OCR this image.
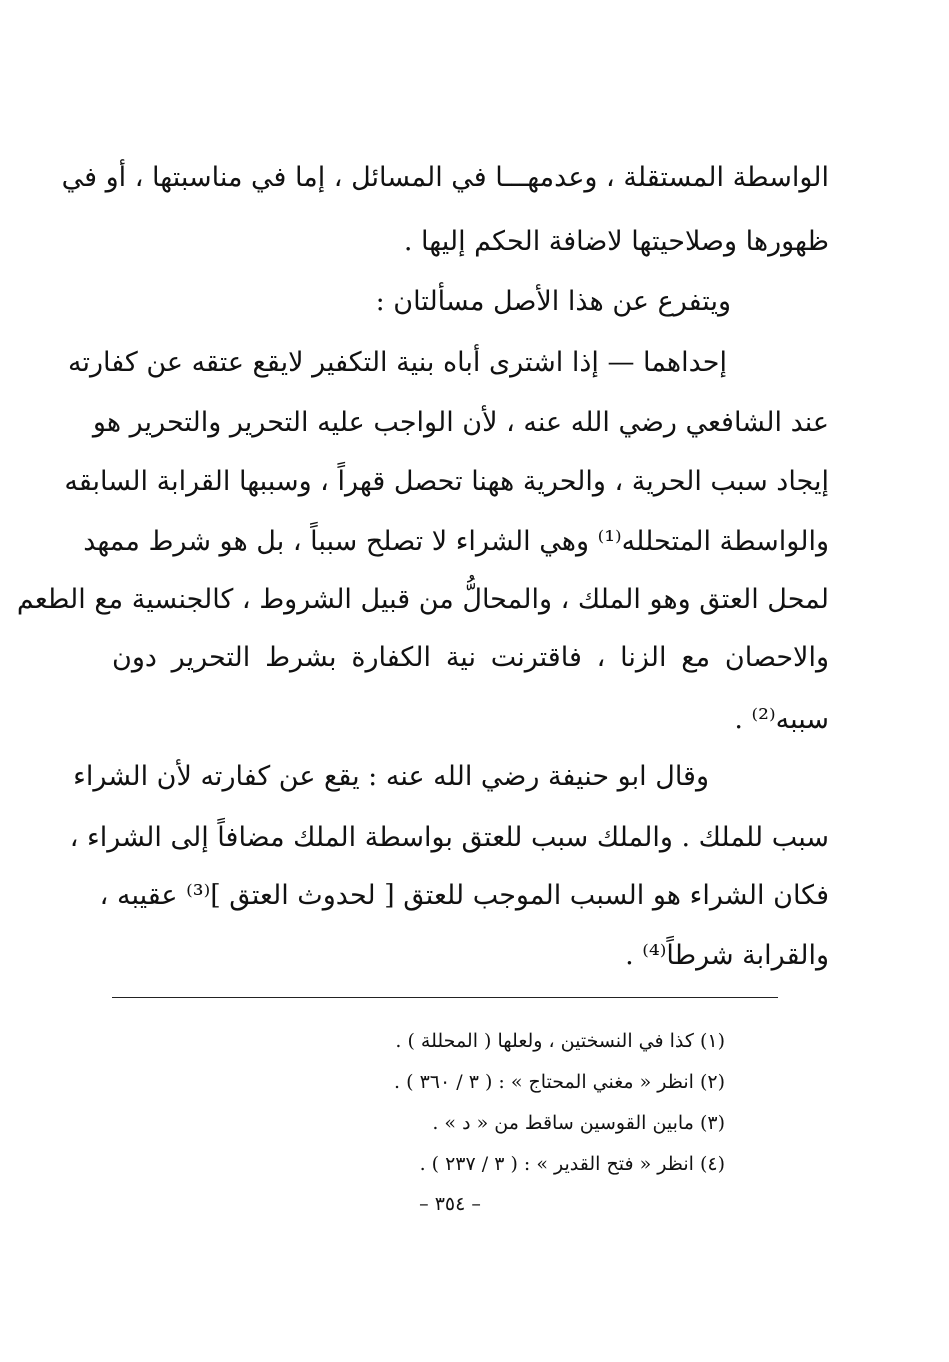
الواسطة المستقلة ، وعدمهـــا في المسائل ، إما في مناسبتها ، أو في
ظهورها وصلاحيتها لاضافة الحكم إليها .
ويتفرع عن هذا الأصل مسألتان :
إحداهما — إذا اشترى أباه بنية التكفير لايقع عتقه عن كفارته
عند الشافعي رضي الله عنه ، لأن الواجب عليه التحرير والتحرير هو
إيجاد سبب الحرية ، والحرية ههنا تحصل قهراً ، وسببها القرابة السابقه
والواسطة المتحلله⁽¹⁾ وهي الشراء لا تصلح سبباً ، بل هو شرط ممهد
لمحل العتق وهو الملك ، والمحالُّ من قبيل الشروط ، كالجنسية مع الطعم
والاحصان مع الزنا ، فاقترنت نية الكفارة بشرط التحرير دون
سببه⁽²⁾ .
وقال ابو حنيفة رضي الله عنه : يقع عن كفارته لأن الشراء
سبب للملك . والملك سبب للعتق بواسطة الملك مضافاً إلى الشراء ،
فكان الشراء هو السبب الموجب للعتق [ لحدوث العتق ]⁽³⁾ عقيبه ،
والقرابة شرطاً⁽⁴⁾ .
(١) كذا في النسختين ، ولعلها ( المحللة ) .
(٢) انظر « مغني المحتاج » : ( ٣ / ٣٦٠ ) .
(٣) مابين القوسين ساقط من « د » .
(٤) انظر « فتح القدير » : ( ٣ / ٢٣٧ ) .
– ٣٥٤ –
